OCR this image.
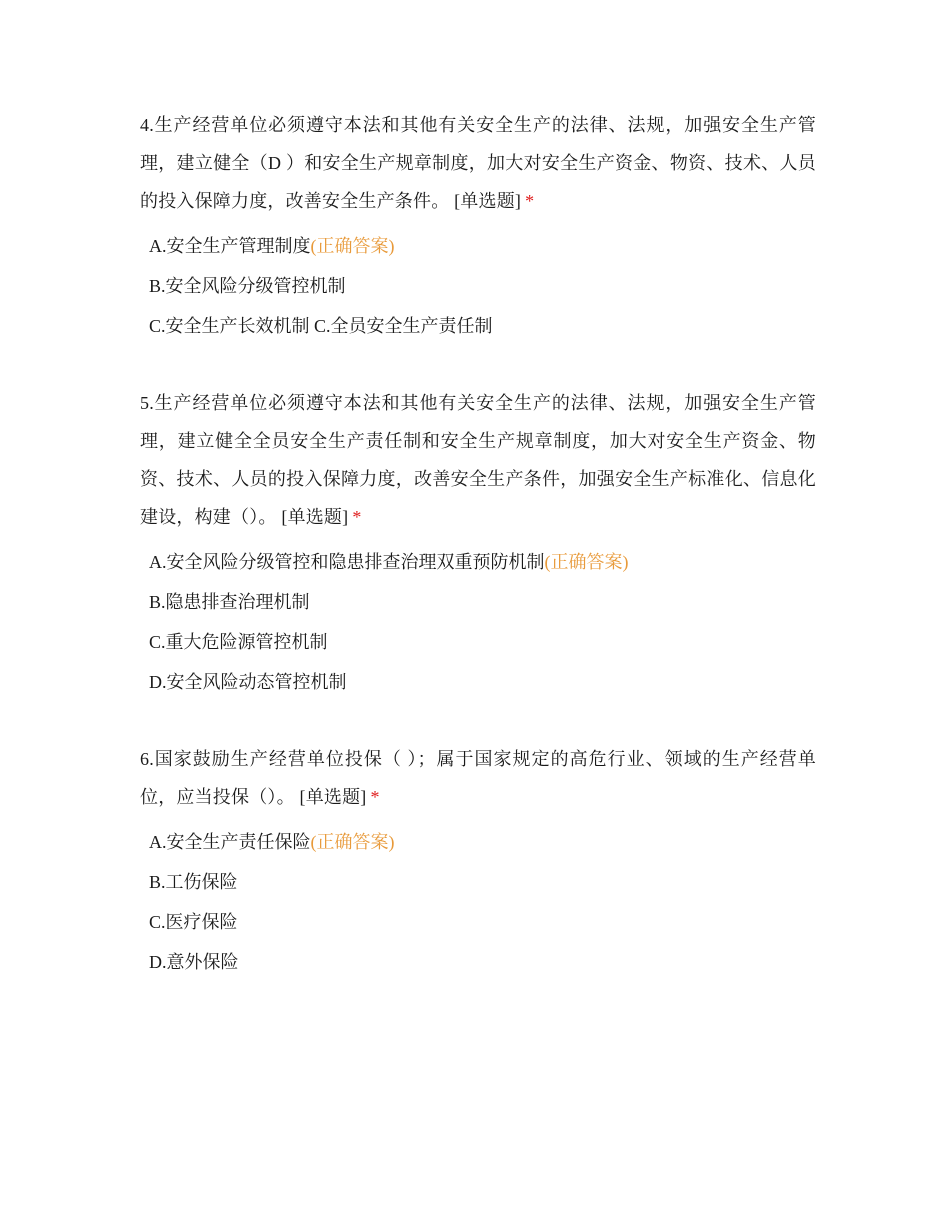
4.生产经营单位必须遵守本法和其他有关安全生产的法律、法规，加强安全生产管理，建立健全（D ）和安全生产规章制度，加大对安全生产资金、物资、技术、人员的投入保障力度，改善安全生产条件。 [单选题] *

A.安全生产管理制度(正确答案)

B.安全风险分级管控机制

C.安全生产长效机制 C.全员安全生产责任制

5.生产经营单位必须遵守本法和其他有关安全生产的法律、法规，加强安全生产管理，建立健全全员安全生产责任制和安全生产规章制度，加大对安全生产资金、物资、技术、人员的投入保障力度，改善安全生产条件，加强安全生产标准化、信息化建设，构建（）。 [单选题] *

A.安全风险分级管控和隐患排查治理双重预防机制(正确答案)

B.隐患排查治理机制

C.重大危险源管控机制

D.安全风险动态管控机制

6.国家鼓励生产经营单位投保（ ）；属于国家规定的高危行业、领域的生产经营单位，应当投保（）。 [单选题] *

A.安全生产责任保险(正确答案)

B.工伤保险

C.医疗保险

D.意外保险
